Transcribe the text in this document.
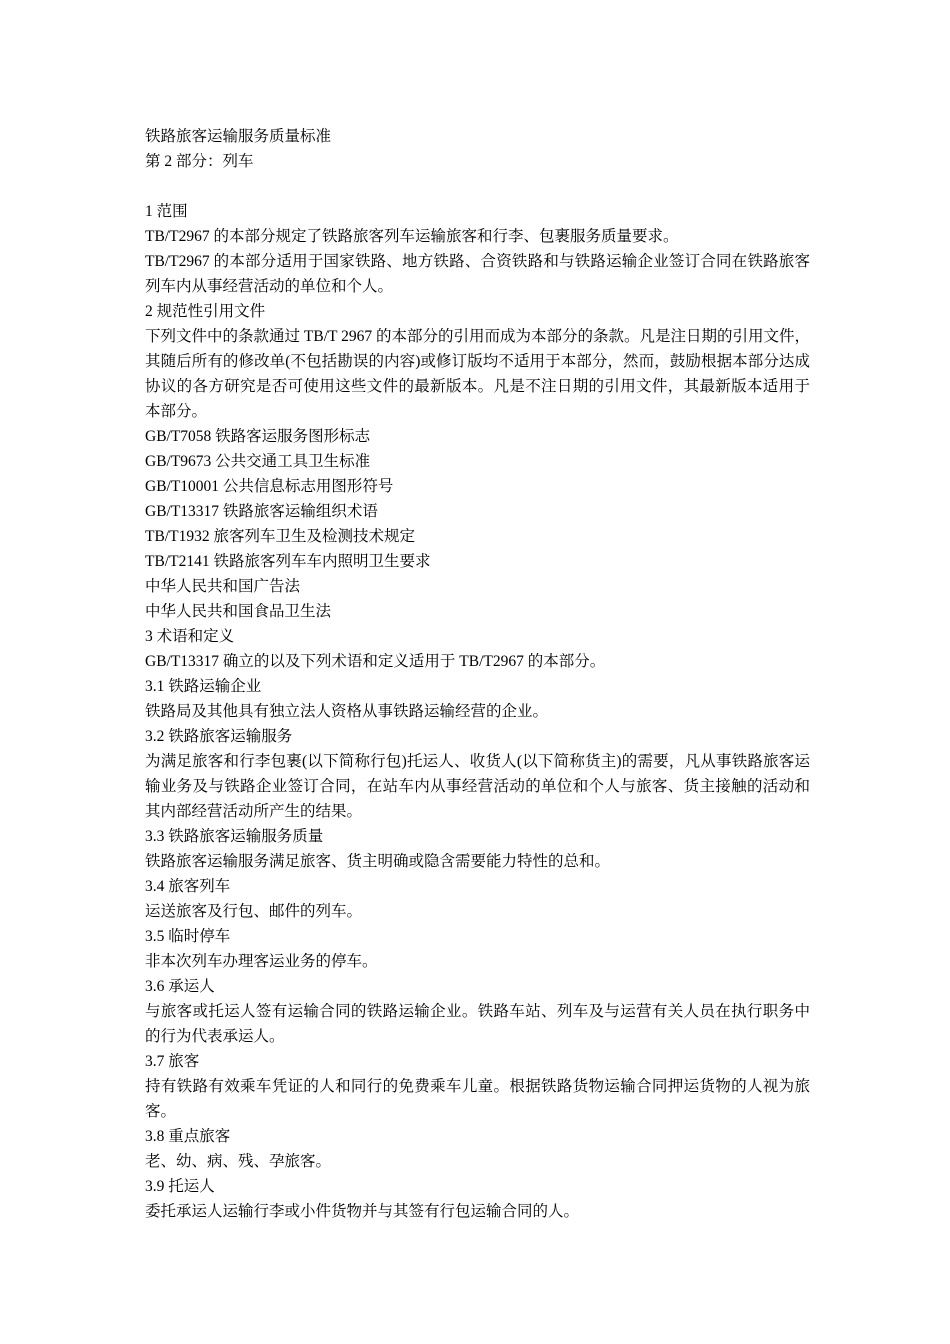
铁路旅客运输服务质量标准

第 2 部分：列车

1 范围

TB/T2967 的本部分规定了铁路旅客列车运输旅客和行李、包裹服务质量要求。

TB/T2967 的本部分适用于国家铁路、地方铁路、合资铁路和与铁路运输企业签订合同在铁路旅客列车内从事经营活动的单位和个人。

2 规范性引用文件

下列文件中的条款通过 TB/T 2967 的本部分的引用而成为本部分的条款。凡是注日期的引用文件，其随后所有的修改单(不包括勘误的内容)或修订版均不适用于本部分，然而，鼓励根据本部分达成协议的各方研究是否可使用这些文件的最新版本。凡是不注日期的引用文件，其最新版本适用于本部分。

GB/T7058 铁路客运服务图形标志

GB/T9673 公共交通工具卫生标准

GB/T10001 公共信息标志用图形符号

GB/T13317 铁路旅客运输组织术语

TB/T1932 旅客列车卫生及检测技术规定

TB/T2141 铁路旅客列车车内照明卫生要求

中华人民共和国广告法

中华人民共和国食品卫生法

3 术语和定义

GB/T13317 确立的以及下列术语和定义适用于 TB/T2967 的本部分。

3.1 铁路运输企业

铁路局及其他具有独立法人资格从事铁路运输经营的企业。

3.2 铁路旅客运输服务

为满足旅客和行李包裹(以下简称行包)托运人、收货人(以下简称货主)的需要，凡从事铁路旅客运输业务及与铁路企业签订合同，在站车内从事经营活动的单位和个人与旅客、货主接触的活动和其内部经营活动所产生的结果。

3.3 铁路旅客运输服务质量

铁路旅客运输服务满足旅客、货主明确或隐含需要能力特性的总和。

3.4 旅客列车

运送旅客及行包、邮件的列车。

3.5 临时停车

非本次列车办理客运业务的停车。

3.6 承运人

与旅客或托运人签有运输合同的铁路运输企业。铁路车站、列车及与运营有关人员在执行职务中的行为代表承运人。

3.7 旅客

持有铁路有效乘车凭证的人和同行的免费乘车儿童。根据铁路货物运输合同押运货物的人视为旅客。

3.8 重点旅客

老、幼、病、残、孕旅客。

3.9 托运人

委托承运人运输行李或小件货物并与其签有行包运输合同的人。
